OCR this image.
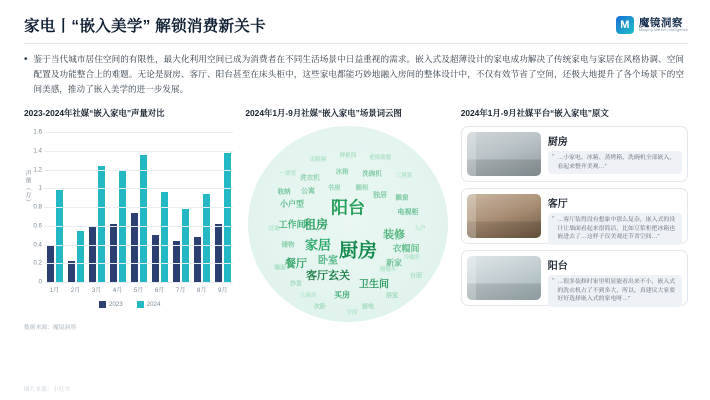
家电丨“嵌入美学” 解锁消费新关卡	M 魔镜洞察
Moojing Market Intelligence
• 鉴于当代城市居住空间的有限性，最大化利用空间已成为消费者在不同生活场景中日益重视的需求。嵌入式及超薄设计的家电成功解决了传统家电与家居在风格协调、空间配置及功能整合上的难题。无论是厨房、客厅、阳台甚至在床头柜中，这些家电都能巧妙地融入房间的整体设计中，不仅有效节省了空间，还极大地提升了各个场景下的空间美感，推动了嵌入美学的进一步发展。

2023-2024年社媒“嵌入家电”声量对比
声量（万）
0
0.2
0.4
0.6
0.8
1
1.2
1.4
1.6
1月	2月	3月	4月	5月	6月	7月	8月	9月
2023	2024
数据来源：魔镜洞察
2024年1月-9月社媒“嵌入家电”场景词云图
阳台
厨房
家居
客厅玄关
卫生间
装修
衣帽间
餐厅 卧室
工作间
租房
小户型
新家
买房
公寓
独居
电视柜
飘窗
储物
收纳
洗衣机
冰箱 洗碗机
书房 橱柜
沙发
浴室
次卧	厨电
台面
墙面
样板间
出租屋	老房改造
一居室	三居室
入户
过道
儿童房
榻榻米
空间
冷藏柜
2024年1月-9月社媒平台“嵌入家电”原文
厨房
” …小家电、冰箱、蒸烤箱、洗碗机全部嵌入，看起来整齐美观…”

客厅
” …客厅装得没有想象中那么复杂，嵌入式的设计让墙面看起来很简洁，比如豆浆柜把冰箱也嵌进去了…这样子仅美观还节省空间…”

阳台
” …很多装修时家里明显能看出来不小，嵌入式的洗衣机占了不到多大，所以，真建议大家要好好选择嵌入式的家电呀…”

图片来源：小红书
